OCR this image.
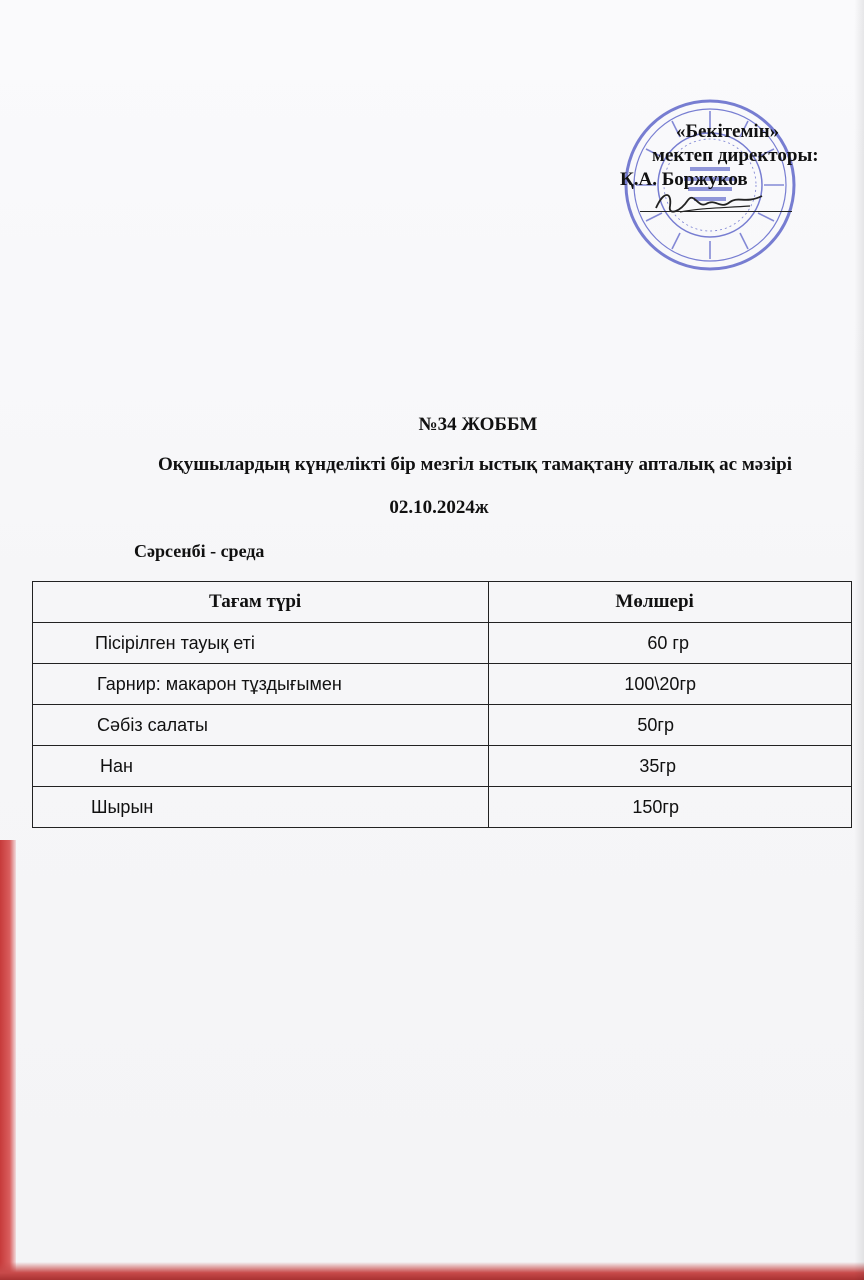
«Бекітемін»
мектеп директоры:
Қ.А. Боржуков
№34 ЖОББМ
Оқушылардың күнделікті бір мезгіл ыстық тамақтану апталық ас мәзірі
02.10.2024ж
Сәрсенбі - среда
Тағам түрі	Мөлшері
Пісірілген тауық еті	60 гр
Гарнир: макарон тұздығымен	100\20гр
Сәбіз салаты	50гр
Нан	35гр
Шырын	150гр
